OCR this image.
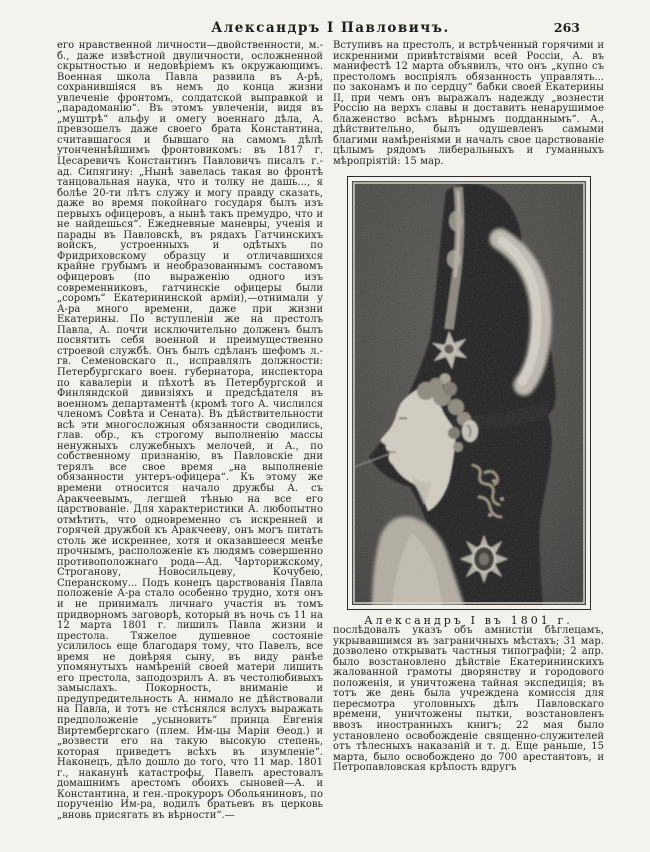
Александръ I Павловичъ.	263

его нравственной личности—двойственности, м.-б., даже извѣстной двуличности, осложненной скрытностью и недовѣріемъ къ окружающимъ. Военная школа Павла развила въ А-рѣ, сохранившіяся въ немъ до конца жизни увлеченіе фронтомъ, солдатской выправкой и „парадоманію“. Въ этомъ увлеченіи, видя въ „муштрѣ“ альфу и омегу военнаго дѣла, А. превзошелъ даже своего брата Константина, считавшагося и бывшаго на самомъ дѣлѣ утонченнѣйшимъ фронтовикомъ: въ 1817 г. Цесаревичъ Константинъ Павловичъ писалъ г.-ад. Сипягину: „Нынѣ завелась такая во фронтѣ танцовальная наука, что и толку не дашь..., я болѣе 20-ти лѣтъ служу и могу правду сказать, даже во время покойнаго государя былъ изъ первыхъ офицеровъ, а нынѣ такъ премудро, что и не найдешься“. Ежедневные маневры, ученія и парады въ Павловскѣ, въ рядахъ Гатчинскихъ войскъ, устроенныхъ и одѣтыхъ по Фридриховскому образцу и отличавшихся крайне грубымъ и необразованнымъ составомъ офицеровъ (по выраженію одного изъ современниковъ, гатчинскіе офицеры были „соромъ“ Екатерининской арміи),—отнимали у А-ра много времени, даже при жизни Екатерины. По вступленіи же на престолъ Павла, А. почти исключительно долженъ былъ посвятить себя военной и преимущественно строевой службѣ. Онъ былъ сдѣланъ шефомъ л.-гв. Семеновскаго п., исправлялъ должности: Петербургскаго воен. губернатора, инспектора по кавалеріи и пѣхотѣ въ Петербургской и Финляндской дивизіяхъ и предсѣдателя въ военномъ департаментѣ (кромѣ того А. числился членомъ Совѣта и Сената). Въ дѣйствительности всѣ эти многосложныя обязанности сводились, глав. обр., къ строгому выполненію массы ненужныхъ служебныхъ мелочей, и А., по собственному признанію, въ Павловскіе дни терялъ все свое время „на выполненіе обязанности унтеръ-офицера“. Къ этому же времени относится начало дружбы А. съ Аракчеевымъ, легшей тѣнью на все его царствованіе. Для характеристики А. любопытно отмѣтить, что одновременно съ искренней и горячей дружбой къ Аракчееву, онъ могъ питать столь же искреннее, хотя и оказавшееся менѣе прочнымъ, расположеніе къ людямъ совершенно противоположнаго рода—Ад. Чарторижскому, Строганову, Новосильцеву, Кочубею, Сперанскому... Подъ конецъ царствованія Павла положеніе А-ра стало особенно трудно, хотя онъ и не принималъ личнаго участія въ томъ придворномъ заговорѣ, который въ ночь съ 11 на 12 марта 1801 г. лишилъ Павла жизни и престола. Тяжелое душевное состояніе усилилось еще благодаря тому, что Павелъ, все время не довѣряя сыну, въ виду ранѣе упомянутыхъ намѣреній своей матери лишить его престола, заподозрилъ А. въ честолюбивыхъ замыслахъ. Покорность, вниманіе и предупредительность А. нимало не дѣйствовали на Павла, и тотъ не стѣснялся вслухъ выражать предположеніе „усыновить“ принца Евгенія Виртембергскаго (плем. Им-цы Маріи Ѳеод.) и „возвести его на такую высокую степень, которая приведетъ всѣхъ въ изумленіе“. Наконецъ, дѣло дошло до того, что 11 мар. 1801 г., наканунѣ катастрофы, Павелъ арестовалъ домашнимъ арестомъ обоихъ сыновей—А. и Константина, и ген.-прокуроръ Обольяниновъ, по порученію Им-ра, водилъ братьевъ въ церковь „вновь присягать въ вѣрности“.—

Вступивъ на престолъ, и встрѣченный горячими и искренними привѣтствіями всей Россіи, А. въ манифестѣ 12 марта объявилъ, что онъ „купно съ престоломъ воспріялъ обязанность управлять... по законамъ и по сердцу“ бабки своей Екатерины II, при чемъ онъ выражалъ надежду „вознести Россію на верхъ славы и доставить ненарушимое блаженство всѣмъ вѣрнымъ подданнымъ“. А., дѣйствительно, былъ одушевленъ самыми благими намѣреніями и началъ свое царствованіе цѣлымъ рядомъ либеральныхъ и гуманныхъ мѣропріятій: 15 мар.

Александръ I въ 1801 г.

послѣдовалъ указъ объ амнистіи бѣглецамъ, укрывавшимся въ заграничныхъ мѣстахъ; 31 мар. дозволено открывать частныя типографіи; 2 апр. было возстановлено дѣйствіе Екатерининскихъ жалованной грамоты дворянству и городового положенія, и уничтожена тайная экспедиція; въ тотъ же день была учреждена комиссія для пересмотра уголовныхъ дѣлъ Павловскаго времени, уничтожены пытки, возстановленъ ввозъ иностранныхъ книгъ; 22 мая было установлено освобожденіе священно-служителей отъ тѣлесныхъ наказаній и т. д. Еще раньше, 15 марта, было освобождено до 700 арестантовъ, и Петропавловская крѣпость вдругъ
